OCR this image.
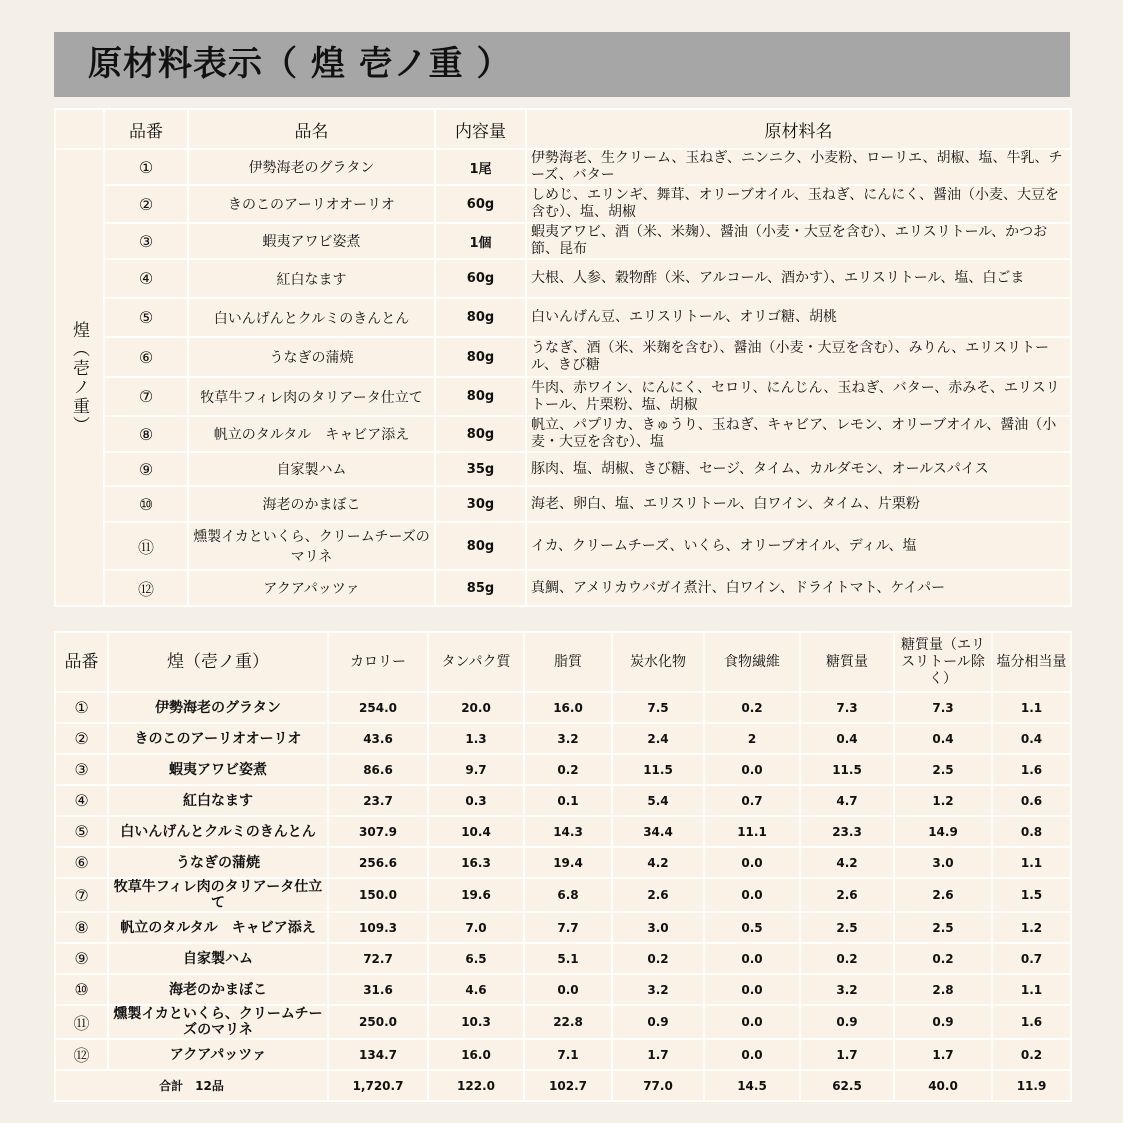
原材料表示（ 煌 壱ノ重 ）
	品番	品名	内容量	原材料名

煌（壱ノ重）	①	伊勢海老のグラタン	1尾	伊勢海老、生クリーム、玉ねぎ、ニンニク、小麦粉、ローリエ、胡椒、塩、牛乳、チーズ、バター
	②	きのこのアーリオオーリオ	60g	しめじ、エリンギ、舞茸、オリーブオイル、玉ねぎ、にんにく、醤油（小麦、大豆を含む）、塩、胡椒
	③	蝦夷アワビ姿煮	1個	蝦夷アワビ、酒（米、米麹）、醤油（小麦・大豆を含む）、エリスリトール、かつお節、昆布
	④	紅白なます	60g	大根、人参、穀物酢（米、アルコール、酒かす）、エリスリトール、塩、白ごま
	⑤	白いんげんとクルミのきんとん	80g	白いんげん豆、エリスリトール、オリゴ糖、胡桃
	⑥	うなぎの蒲焼	80g	うなぎ、酒（米、米麹を含む）、醤油（小麦・大豆を含む）、みりん、エリスリトール、きび糖
	⑦	牧草牛フィレ肉のタリアータ仕立て	80g	牛肉、赤ワイン、にんにく、セロリ、にんじん、玉ねぎ、バター、赤みそ、エリスリトール、片栗粉、塩、胡椒
	⑧	帆立のタルタル　キャビア添え	80g	帆立、パプリカ、きゅうり、玉ねぎ、キャビア、レモン、オリーブオイル、醤油（小麦・大豆を含む）、塩
	⑨	自家製ハム	35g	豚肉、塩、胡椒、きび糖、セージ、タイム、カルダモン、オールスパイス
	⑩	海老のかまぼこ	30g	海老、卵白、塩、エリスリトール、白ワイン、タイム、片栗粉
	⑪	燻製イカといくら、クリームチーズのマリネ	80g	イカ、クリームチーズ、いくら、オリーブオイル、ディル、塩
	⑫	アクアパッツァ	85g	真鯛、アメリカウバガイ煮汁、白ワイン、ドライトマト、ケイパー
品番	煌（壱ノ重）	カロリー	タンパク質	脂質	炭水化物	食物繊維	糖質量	糖質量（エリスリトール除く）	塩分相当量
①	伊勢海老のグラタン	254.0	20.0	16.0	7.5	0.2	7.3	7.3	1.1
②	きのこのアーリオオーリオ	43.6	1.3	3.2	2.4	2	0.4	0.4	0.4
③	蝦夷アワビ姿煮	86.6	9.7	0.2	11.5	0.0	11.5	2.5	1.6
④	紅白なます	23.7	0.3	0.1	5.4	0.7	4.7	1.2	0.6
⑤	白いんげんとクルミのきんとん	307.9	10.4	14.3	34.4	11.1	23.3	14.9	0.8
⑥	うなぎの蒲焼	256.6	16.3	19.4	4.2	0.0	4.2	3.0	1.1
⑦	牧草牛フィレ肉のタリアータ仕立て	150.0	19.6	6.8	2.6	0.0	2.6	2.6	1.5
⑧	帆立のタルタル　キャビア添え	109.3	7.0	7.7	3.0	0.5	2.5	2.5	1.2
⑨	自家製ハム	72.7	6.5	5.1	0.2	0.0	0.2	0.2	0.7
⑩	海老のかまぼこ	31.6	4.6	0.0	3.2	0.0	3.2	2.8	1.1
⑪	燻製イカといくら、クリームチーズのマリネ	250.0	10.3	22.8	0.9	0.0	0.9	0.9	1.6
⑫	アクアパッツァ	134.7	16.0	7.1	1.7	0.0	1.7	1.7	0.2
合計　12品		1,720.7	122.0	102.7	77.0	14.5	62.5	40.0	11.9
